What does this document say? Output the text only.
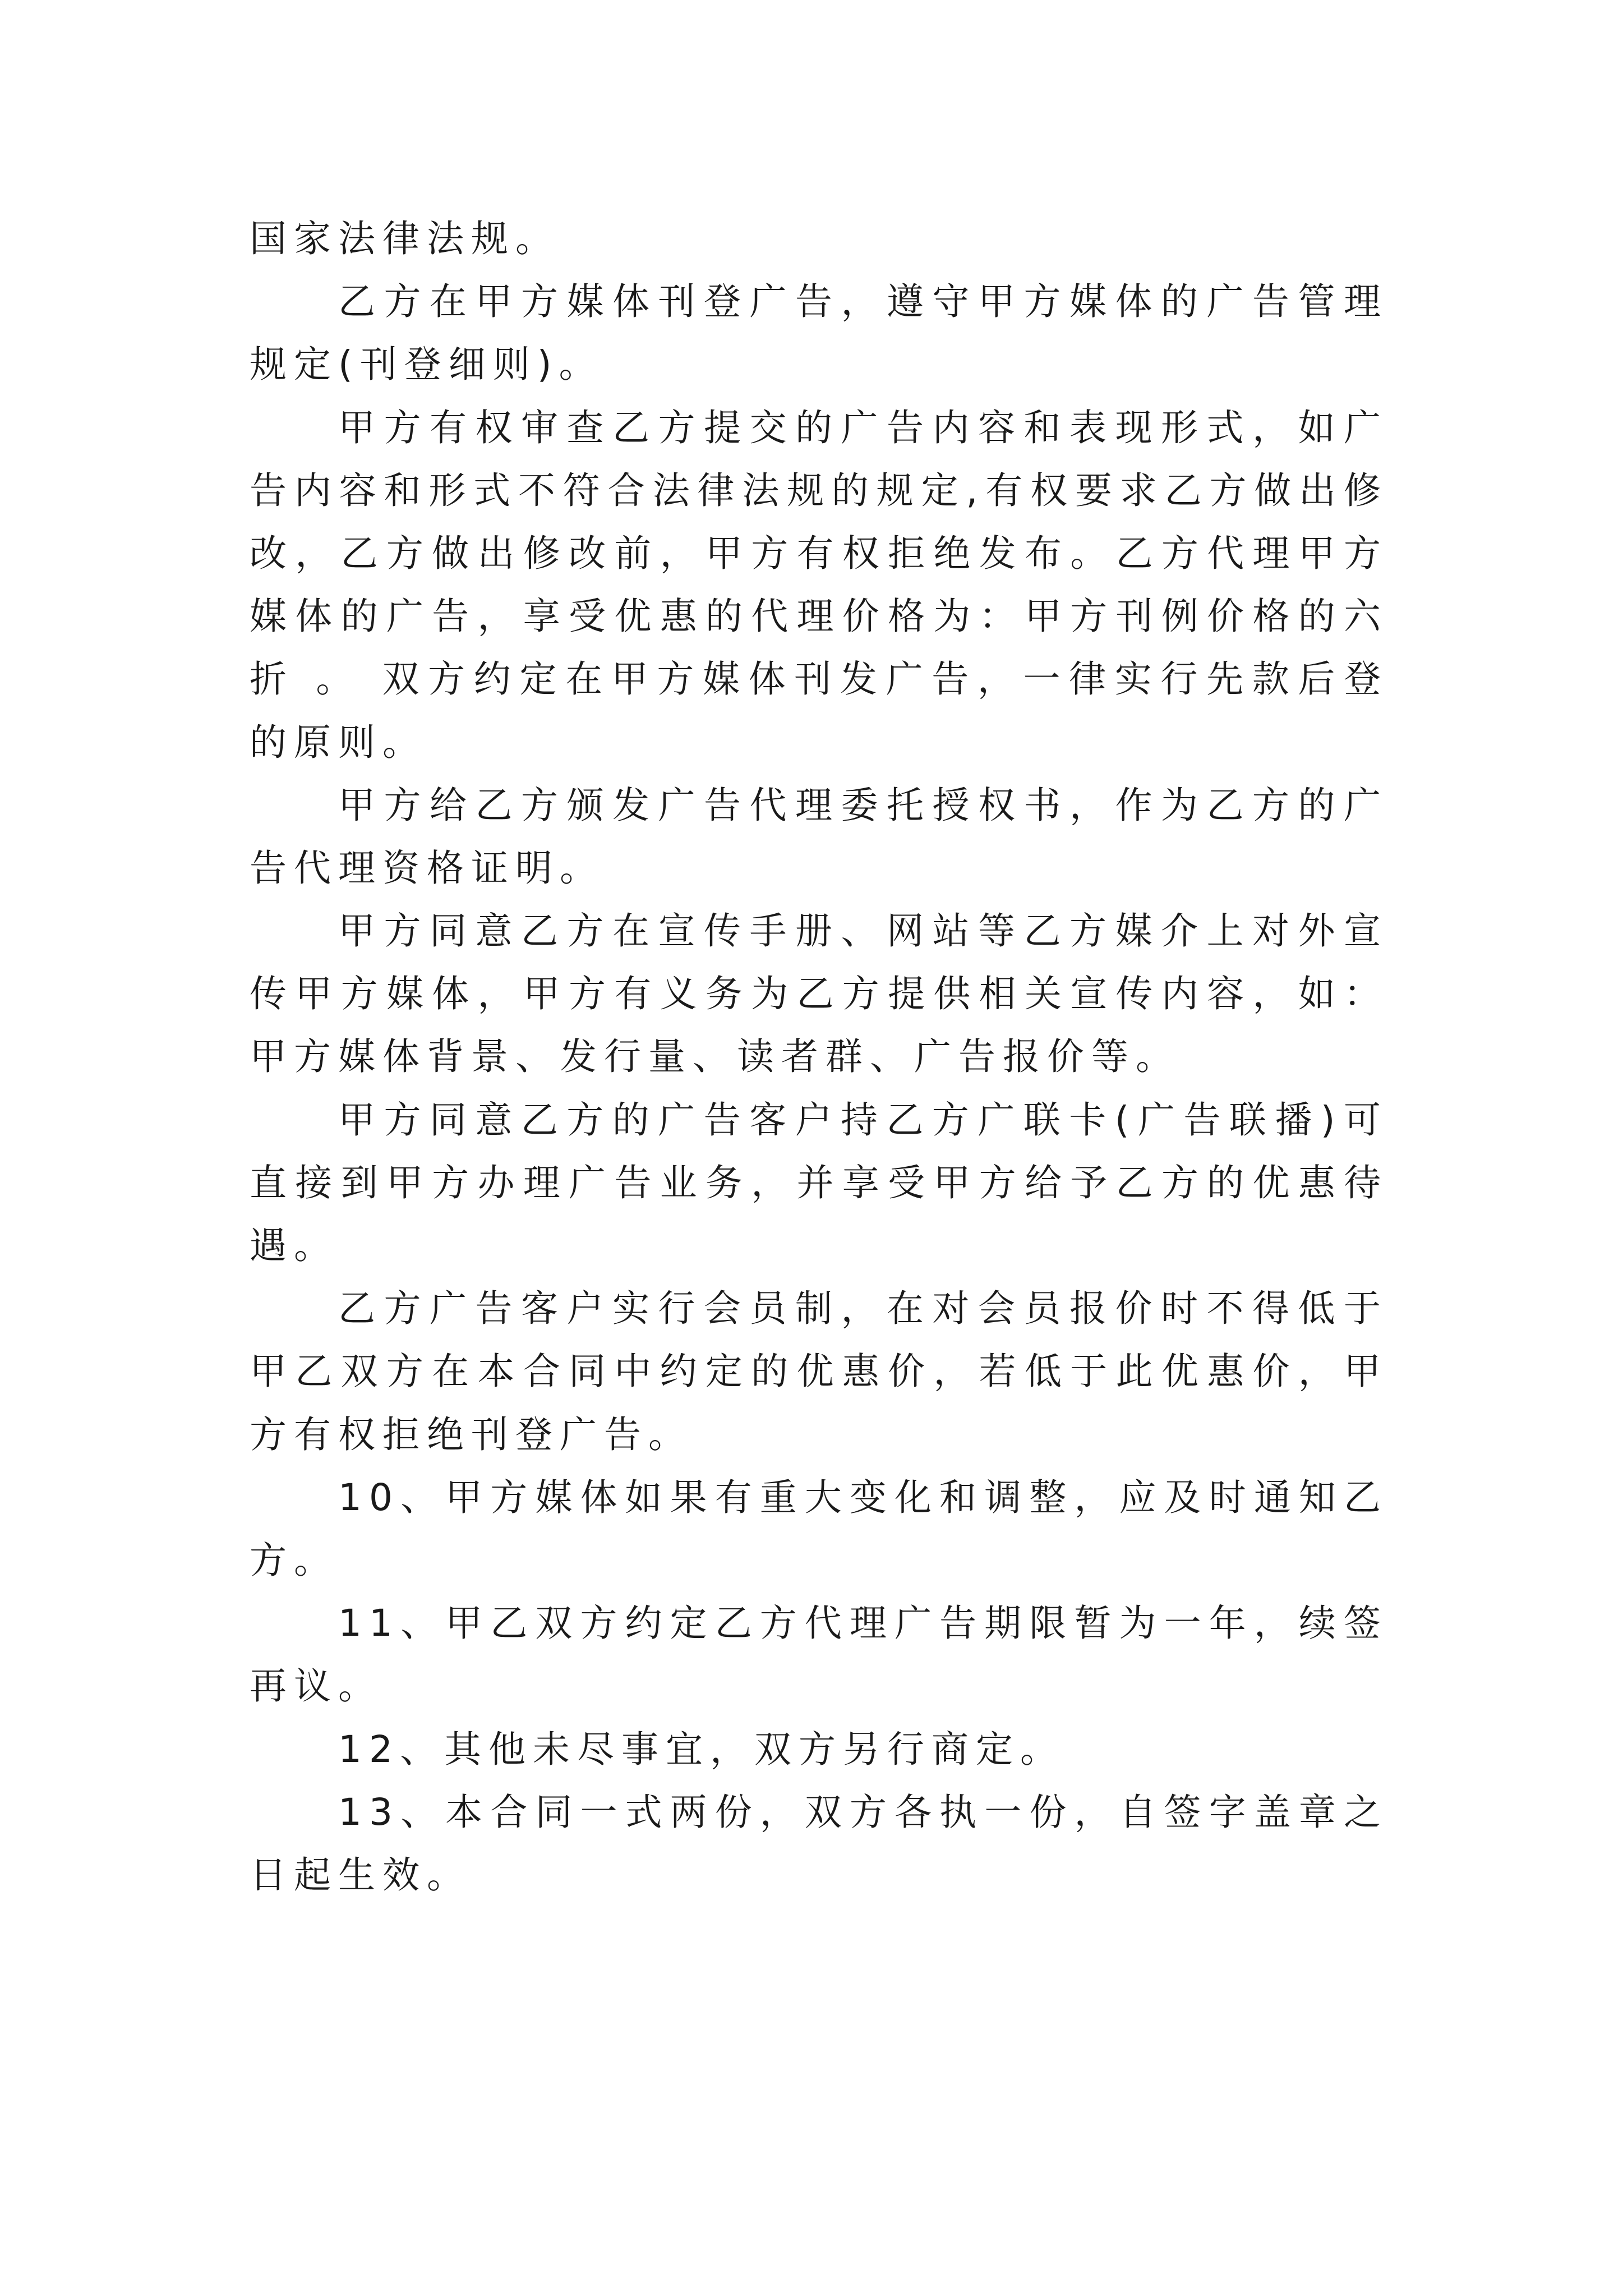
国家法律法规。

乙方在甲方媒体刊登广告，遵守甲方媒体的广告管理规定(刊登细则)。

甲方有权审查乙方提交的广告内容和表现形式，如广告内容和形式不符合法律法规的规定,有权要求乙方做出修改，乙方做出修改前，甲方有权拒绝发布。乙方代理甲方媒体的广告，享受优惠的代理价格为：甲方刊例价格的六折 。 双方约定在甲方媒体刊发广告，一律实行先款后登的原则。

甲方给乙方颁发广告代理委托授权书，作为乙方的广告代理资格证明。

甲方同意乙方在宣传手册、网站等乙方媒介上对外宣传甲方媒体，甲方有义务为乙方提供相关宣传内容，如：甲方媒体背景、发行量、读者群、广告报价等。

甲方同意乙方的广告客户持乙方广联卡(广告联播)可直接到甲方办理广告业务，并享受甲方给予乙方的优惠待遇。

乙方广告客户实行会员制，在对会员报价时不得低于甲乙双方在本合同中约定的优惠价，若低于此优惠价，甲方有权拒绝刊登广告。

10、甲方媒体如果有重大变化和调整，应及时通知乙方。

11、甲乙双方约定乙方代理广告期限暂为一年，续签再议。

12、其他未尽事宜，双方另行商定。

13、本合同一式两份，双方各执一份，自签字盖章之日起生效。
